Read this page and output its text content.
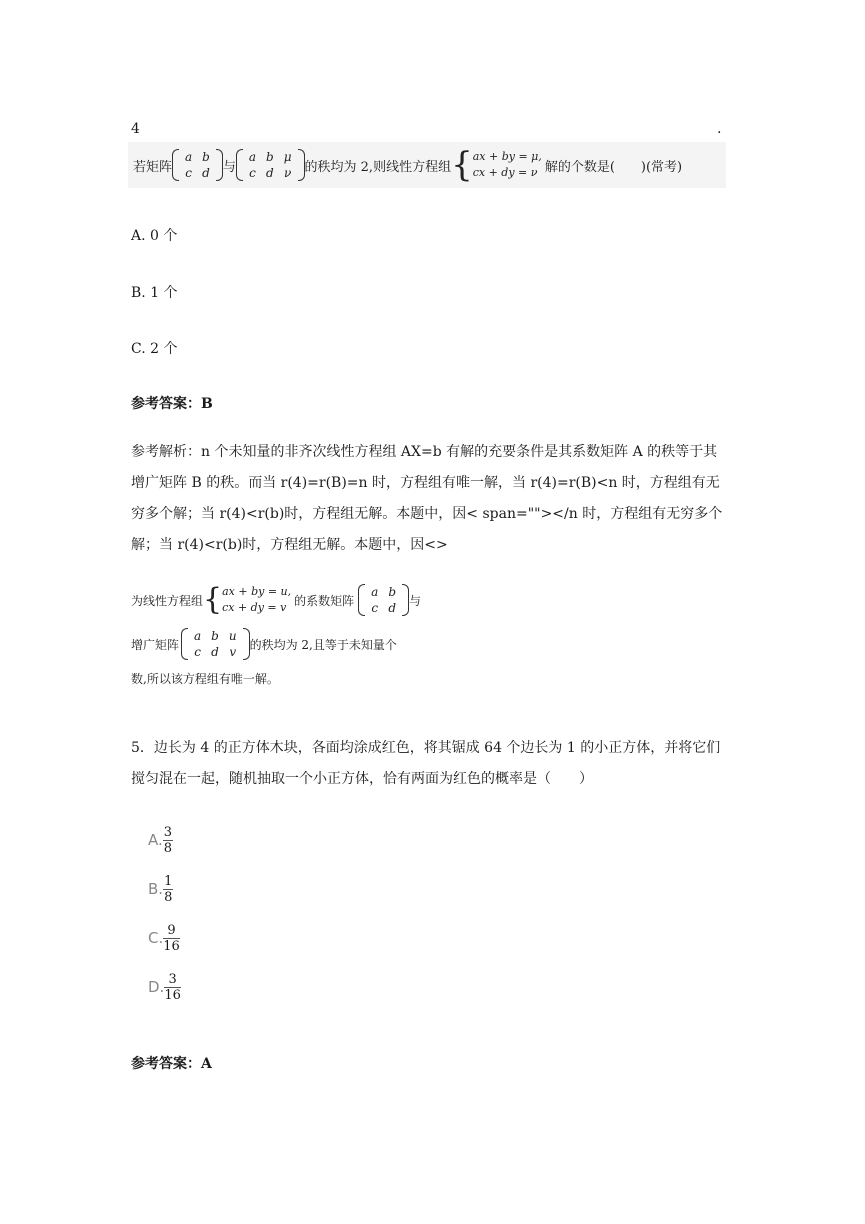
4	.
若矩阵
a	b
c	d 与
a	b	μ
c	d	ν 的秩均为 2,则线性方程组 { ax + by = μ,
cx + dy = ν 解的个数是(　　)(常考)
A. 0 个
B. 1 个
C. 2 个
参考答案：B
参考解析：n 个未知量的非齐次线性方程组 AX=b 有解的充要条件是其系数矩阵 A 的秩等于其增广矩阵 B 的秩。而当 r(4)=r(B)=n 时，方程组有唯一解，当 r(4)=r(B)<n 时，方程组有无穷多个解；当 r(4)<r(b)时，方程组无解。本题中，因< span=""></n 时，方程组有无穷多个解；当 r(4)<r(b)时，方程组无解。本题中，因<>
为线性方程组 { ax + by = u,
cx + dy = v 的系数矩阵
a	b
c	d
与
增广矩阵
a	b	u
c	d	v
的秩均为 2,且等于未知量个
数,所以该方程组有唯一解。
5．边长为 4 的正方体木块，各面均涂成红色，将其锯成 64 个边长为 1 的小正方体，并将它们搅匀混在一起，随机抽取一个小正方体，恰有两面为红色的概率是（　　）
A. $\frac{3}{8}$
B. $\frac{1}{8}$
C. $\frac{9}{16}$
D. $\frac{3}{16}$
参考答案：A
